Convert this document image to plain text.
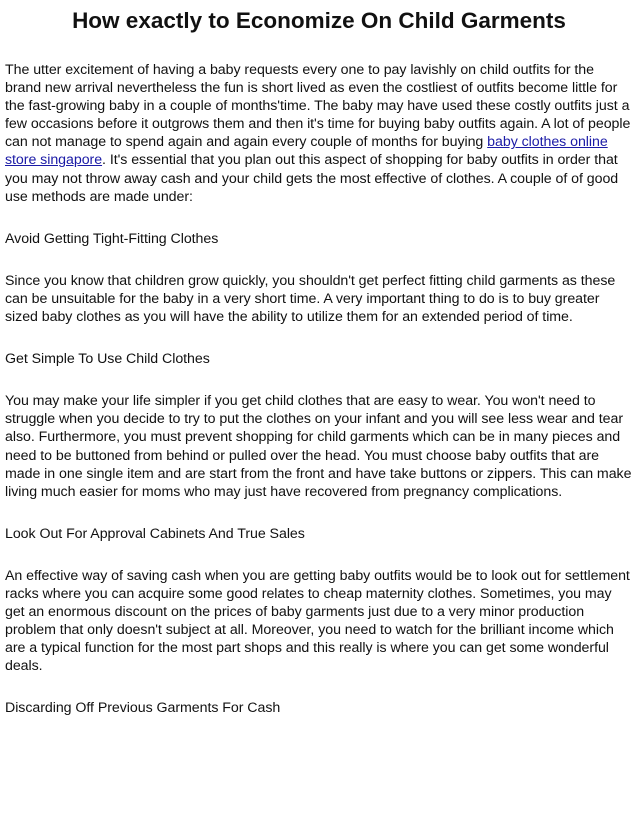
How exactly to Economize On Child Garments

The utter excitement of having a baby requests every one to pay lavishly on child outfits for the brand new arrival nevertheless the fun is short lived as even the costliest of outfits become little for the fast-growing baby in a couple of months'time. The baby may have used these costly outfits just a few occasions before it outgrows them and then it's time for buying baby outfits again. A lot of people can not manage to spend again and again every couple of months for buying baby clothes online store singapore. It's essential that you plan out this aspect of shopping for baby outfits in order that you may not throw away cash and your child gets the most effective of clothes. A couple of of good use methods are made under:

Avoid Getting Tight-Fitting Clothes

Since you know that children grow quickly, you shouldn't get perfect fitting child garments as these can be unsuitable for the baby in a very short time. A very important thing to do is to buy greater sized baby clothes as you will have the ability to utilize them for an extended period of time.

Get Simple To Use Child Clothes

You may make your life simpler if you get child clothes that are easy to wear. You won't need to struggle when you decide to try to put the clothes on your infant and you will see less wear and tear also. Furthermore, you must prevent shopping for child garments which can be in many pieces and need to be buttoned from behind or pulled over the head. You must choose baby outfits that are made in one single item and are start from the front and have take buttons or zippers. This can make living much easier for moms who may just have recovered from pregnancy complications.

Look Out For Approval Cabinets And True Sales

An effective way of saving cash when you are getting baby outfits would be to look out for settlement racks where you can acquire some good relates to cheap maternity clothes. Sometimes, you may get an enormous discount on the prices of baby garments just due to a very minor production problem that only doesn't subject at all. Moreover, you need to watch for the brilliant income which are a typical function for the most part shops and this really is where you can get some wonderful deals.

Discarding Off Previous Garments For Cash
